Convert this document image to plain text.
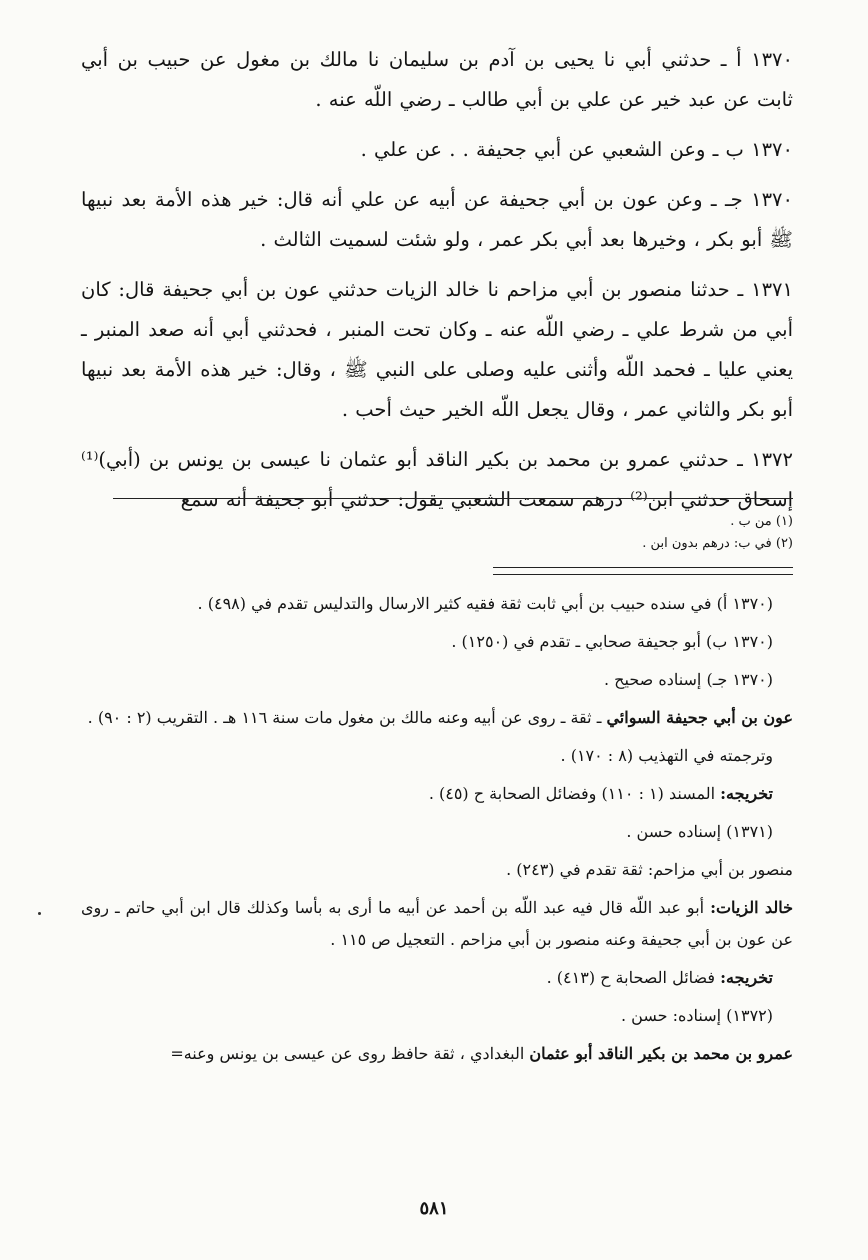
١٣٧٠ أ ـ حدثني أبي نا يحيى بن آدم بن سليمان نا مالك بن مغول عن حبيب بن أبي ثابت عن عبد خير عن علي بن أبي طالب ـ رضي اللّه عنه .

١٣٧٠ ب ـ وعن الشعبي عن أبي جحيفة . . عن علي .

١٣٧٠ جـ ـ وعن عون بن أبي جحيفة عن أبيه عن علي أنه قال: خير هذه الأمة بعد نبيها ﷺ أبو بكر ، وخيرها بعد أبي بكر عمر ، ولو شئت لسميت الثالث .

١٣٧١ ـ حدثنا منصور بن أبي مزاحم نا خالد الزيات حدثني عون بن أبي جحيفة قال: كان أبي من شرط علي ـ رضي اللّه عنه ـ وكان تحت المنبر ، فحدثني أبي أنه صعد المنبر ـ يعني عليا ـ فحمد اللّه وأثنى عليه وصلى على النبي ﷺ ، وقال: خير هذه الأمة بعد نبيها أبو بكر والثاني عمر ، وقال يجعل اللّه الخير حيث أحب .

١٣٧٢ ـ حدثني عمرو بن محمد بن بكير الناقد أبو عثمان نا عيسى بن يونس بن (أبي)⁽¹⁾ إسحاق حدثني ابن⁽²⁾ درهم سمعت الشعبي يقول: حدثني أبو جحيفة أنه سمع

(١) من ب .

(٢) في ب: درهم بدون ابن .

(١٣٧٠ أ) في سنده حبيب بن أبي ثابت ثقة فقيه كثير الارسال والتدليس تقدم في (٤٩٨) .

(١٣٧٠ ب) أبو جحيفة صحابي ـ تقدم في (١٢٥٠) .

(١٣٧٠ جـ) إسناده صحيح .

عون بن أبي جحيفة السوائي ـ ثقة ـ روى عن أبيه وعنه مالك بن مغول مات سنة ١١٦ هـ . التقريب (٢ : ٩٠) .

وترجمته في التهذيب (٨ : ١٧٠) .

تخريجه: المسند (١ : ١١٠) وفضائل الصحابة ح (٤٥) .

(١٣٧١) إسناده حسن .

منصور بن أبي مزاحم: ثقة تقدم في (٢٤٣) .

خالد الزيات: أبو عبد اللّه قال فيه عبد اللّه بن أحمد عن أبيه ما أرى به بأسا وكذلك قال ابن أبي حاتم ـ روى عن عون بن أبي جحيفة وعنه منصور بن أبي مزاحم . التعجيل ص ١١٥ .

تخريجه: فضائل الصحابة ح (٤١٣) .

(١٣٧٢) إسناده: حسن .

عمرو بن محمد بن بكير الناقد أبو عثمان البغدادي ، ثقة حافظ روى عن عيسى بن يونس وعنه=

٥٨١
